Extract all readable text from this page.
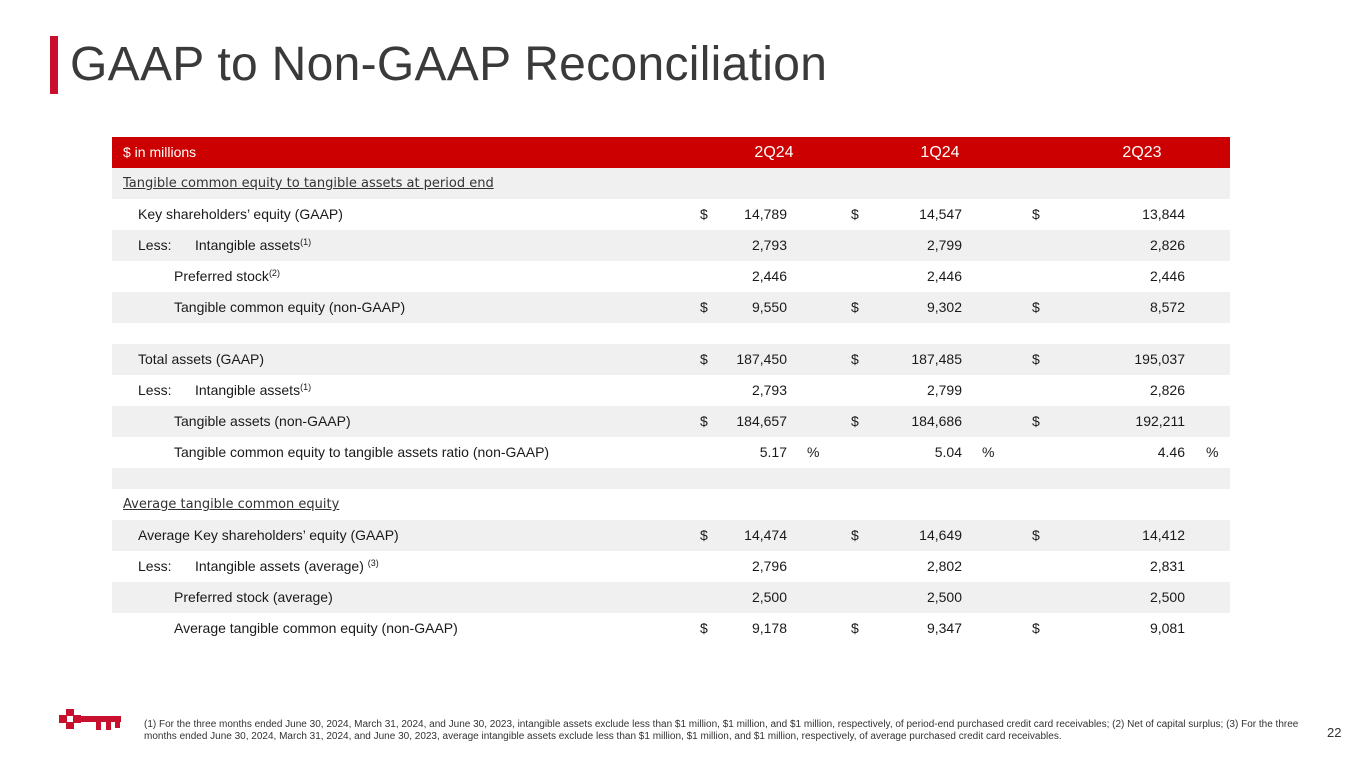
GAAP to Non-GAAP Reconciliation
$ in millions	2Q24	1Q24	2Q23
Tangible common equity to tangible assets at period end
Key shareholders’ equity (GAAP)	$	14,789	$	14,547	$	13,844
Less: Intangible assets$^{(1)}$	2,793	2,799	2,826
Preferred stock$^{(2)}$	2,446	2,446	2,446
Tangible common equity (non-GAAP)	$	9,550	$	9,302	$	8,572
Total assets (GAAP)	$	187,450	$	187,485	$	195,037
Less: Intangible assets$^{(1)}$	2,793	2,799	2,826
Tangible assets (non-GAAP)	$	184,657	$	184,686	$	192,211
Tangible common equity to tangible assets ratio (non-GAAP)	5.17 %	5.04 %	4.46 %
Average tangible common equity
Average Key shareholders’ equity (GAAP)	$	14,474	$	14,649	$	14,412
Less: Intangible assets (average) $^{(3)}$	2,796	2,802	2,831
Preferred stock (average)	2,500	2,500	2,500
Average tangible common equity (non-GAAP)	$	9,178	$	9,347	$	9,081
(1) For the three months ended June 30, 2024, March 31, 2024, and June 30, 2023, intangible assets exclude less than $1 million, $1 million, and $1 million, respectively, of period-end purchased credit card receivables; (2) Net of capital surplus; (3) For the three months ended June 30, 2024, March 31, 2024, and June 30, 2023, average intangible assets exclude less than $1 million, $1 million, and $1 million, respectively, of average purchased credit card receivables.	22
